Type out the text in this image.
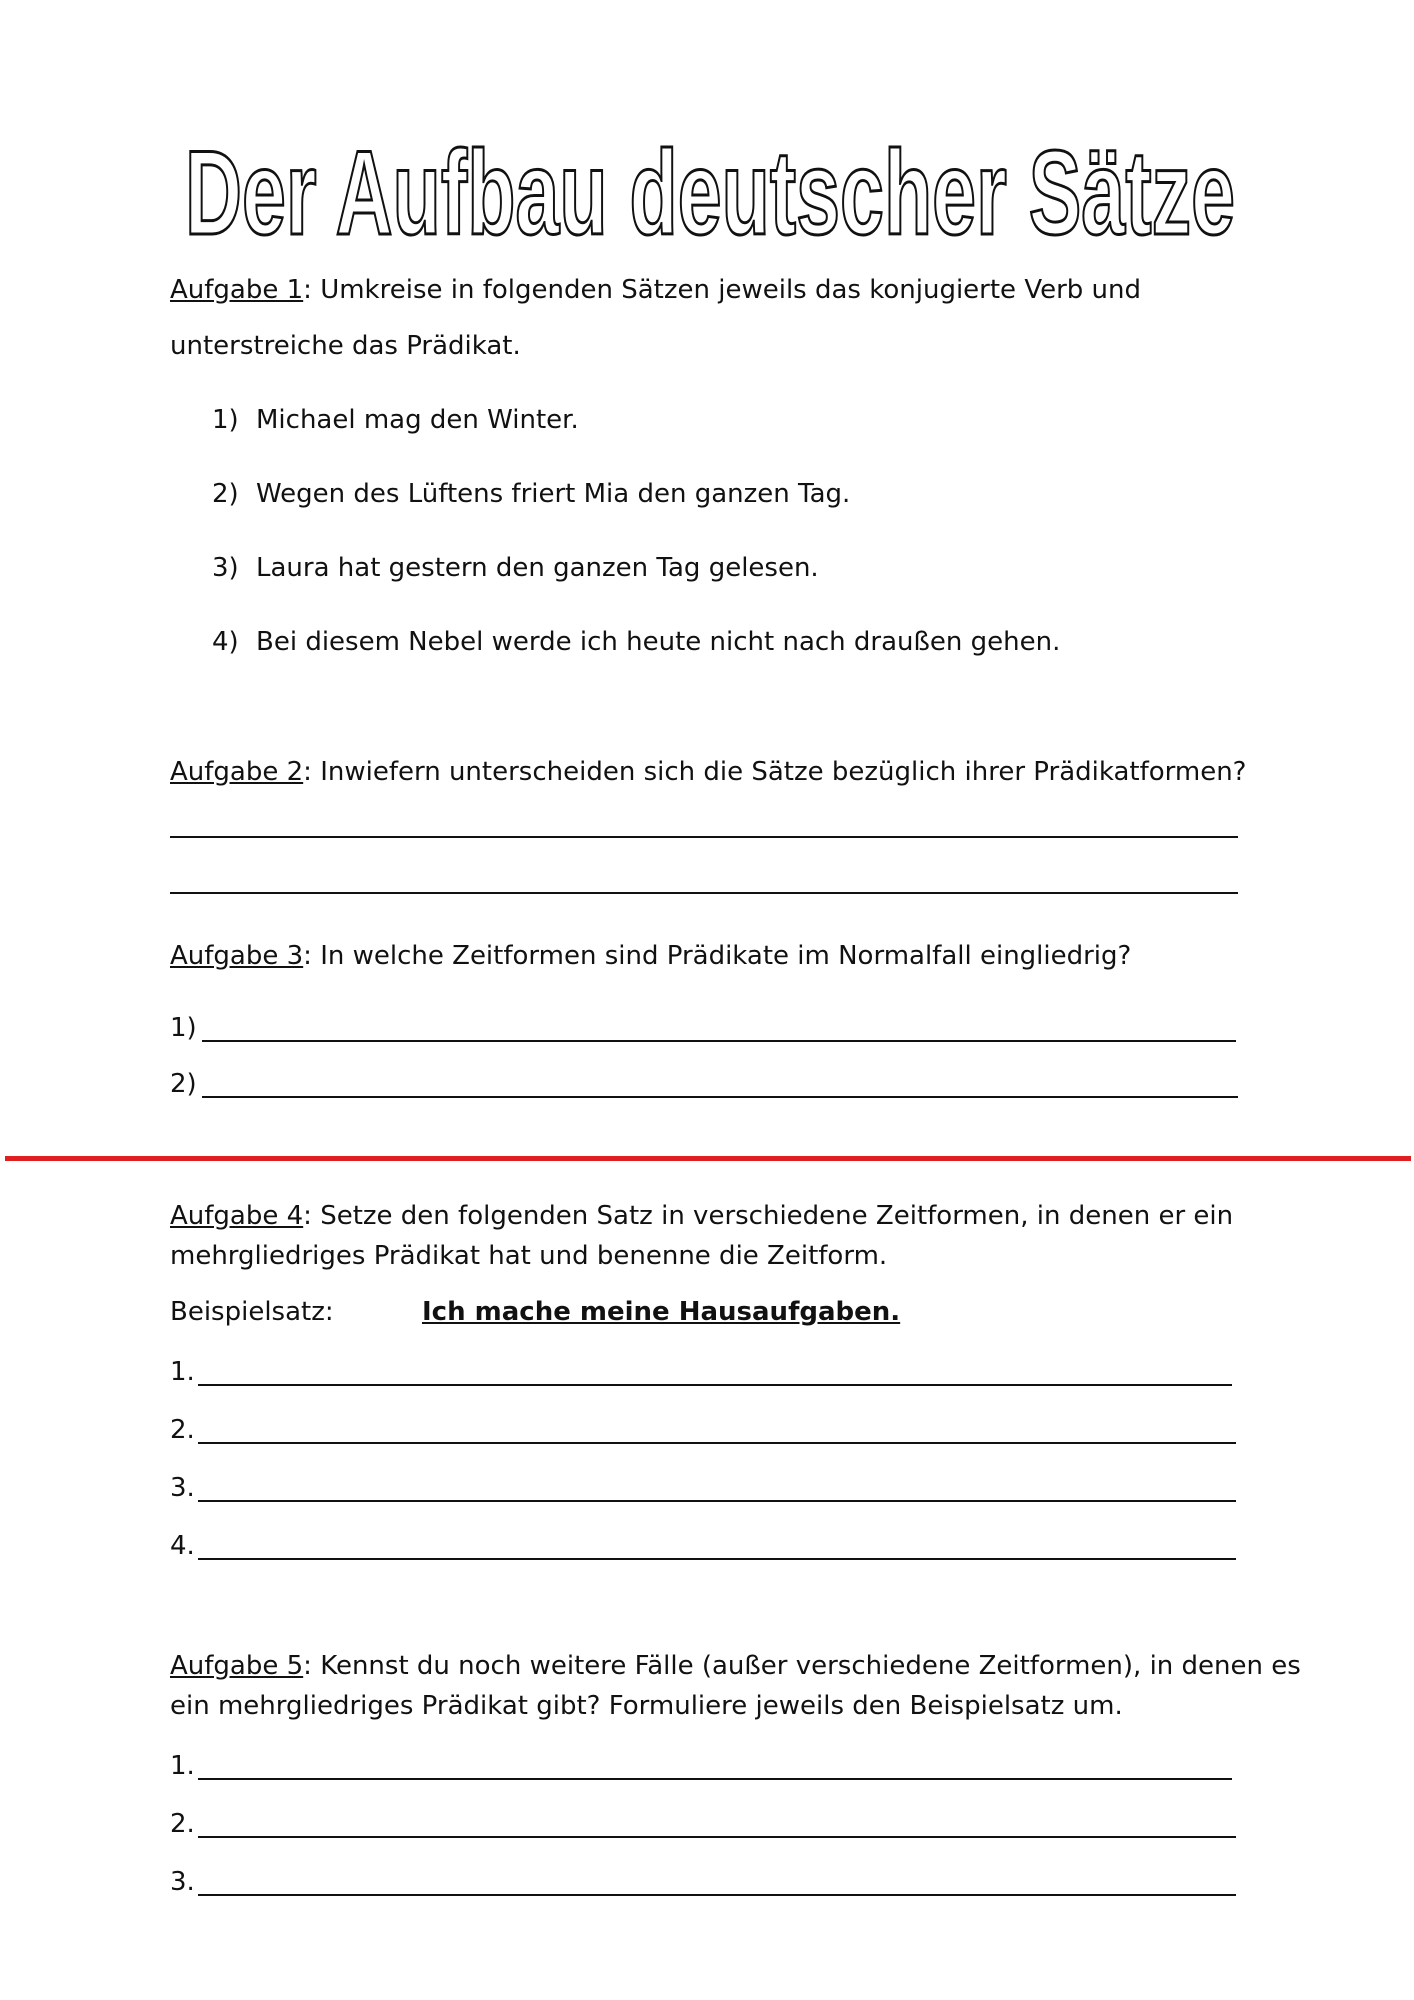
Der Aufbau deutscher Sätze
Aufgabe 1: Umkreise in folgenden Sätzen jeweils das konjugierte Verb und
unterstreiche das Prädikat.
1) Michael mag den Winter.
2) Wegen des Lüftens friert Mia den ganzen Tag.
3) Laura hat gestern den ganzen Tag gelesen.
4) Bei diesem Nebel werde ich heute nicht nach draußen gehen.
Aufgabe 2: Inwiefern unterscheiden sich die Sätze bezüglich ihrer Prädikatformen?
Aufgabe 3: In welche Zeitformen sind Prädikate im Normalfall eingliedrig?
1)
2)
Aufgabe 4: Setze den folgenden Satz in verschiedene Zeitformen, in denen er ein
mehrgliedriges Prädikat hat und benenne die Zeitform.
Beispielsatz:	Ich mache meine Hausaufgaben.
1.
2.
3.
4.
Aufgabe 5: Kennst du noch weitere Fälle (außer verschiedene Zeitformen), in denen es
ein mehrgliedriges Prädikat gibt? Formuliere jeweils den Beispielsatz um.
1.
2.
3.
